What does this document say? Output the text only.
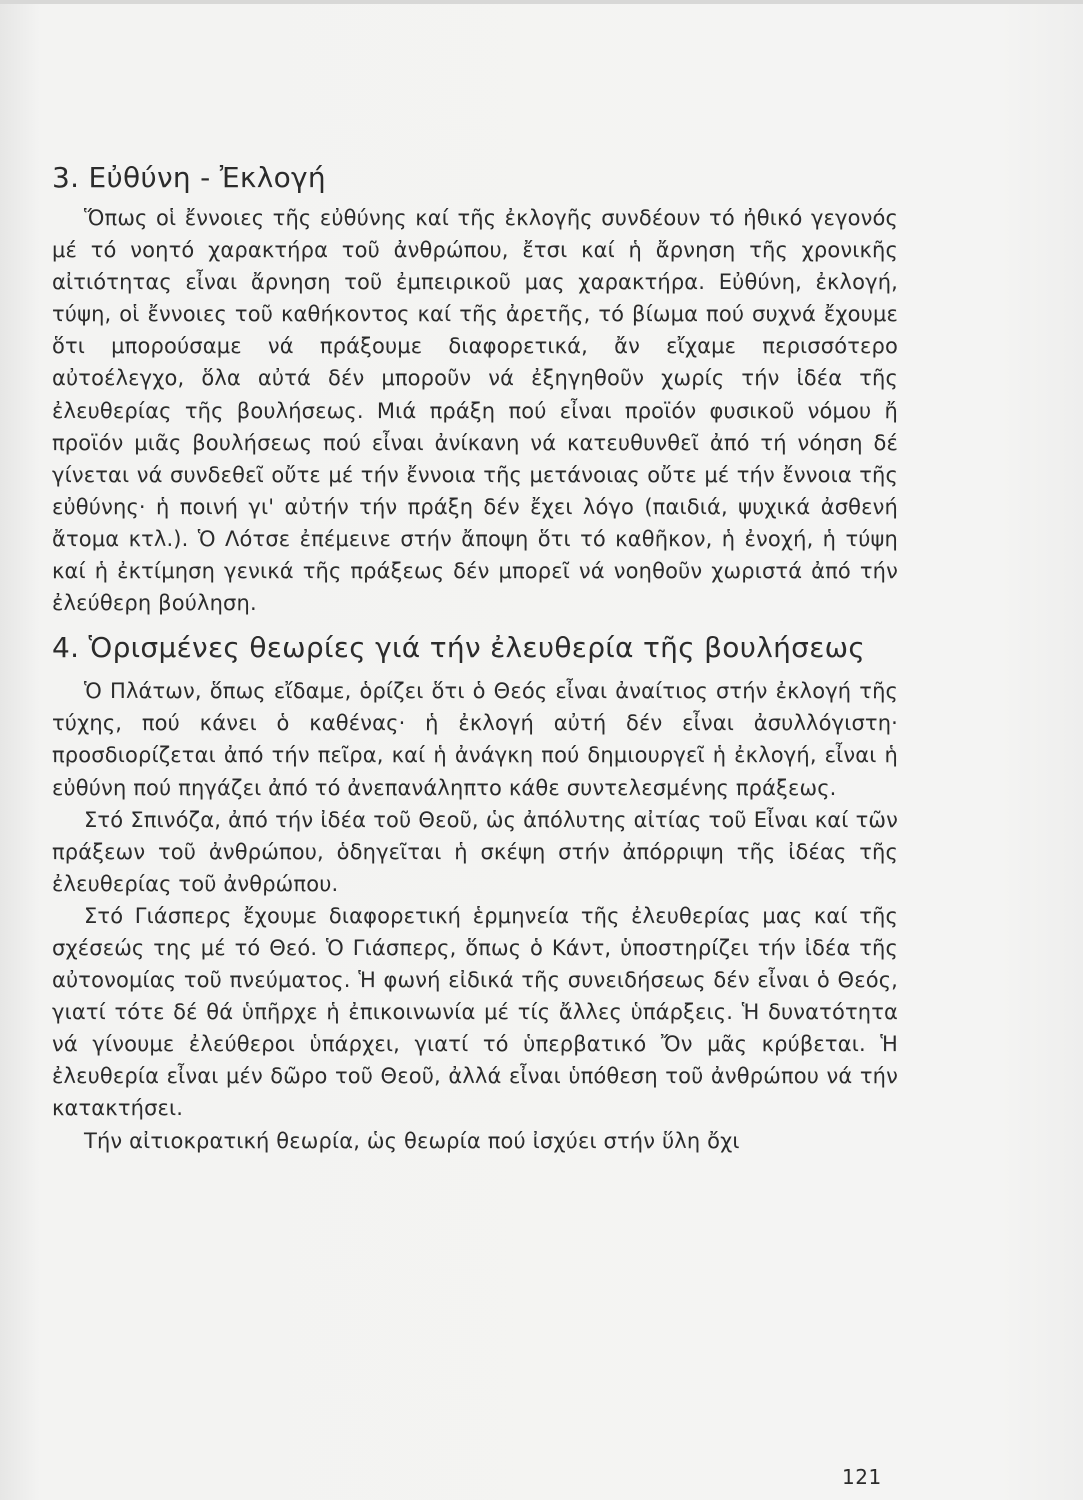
3. Εὐθύνη - Ἐκλογή

Ὅπως οἱ ἔννοιες τῆς εὐθύνης καί τῆς ἐκλογῆς συνδέουν τό ἠθικό γεγονός μέ τό νοητό χαρακτήρα τοῦ ἀνθρώπου, ἔτσι καί ἡ ἄρνηση τῆς χρονικῆς αἰτιότητας εἶναι ἄρνηση τοῦ ἐμπειρικοῦ μας χαρακτήρα. Εὐθύνη, ἐκλογή, τύψη, οἱ ἔννοιες τοῦ καθήκοντος καί τῆς ἀρετῆς, τό βίωμα πού συχνά ἔχουμε ὅτι μπορούσαμε νά πράξουμε διαφορετικά, ἄν εἴχαμε περισσότερο αὐτοέλεγχο, ὅλα αὐτά δέν μποροῦν νά ἐξηγηθοῦν χωρίς τήν ἰδέα τῆς ἐλευθερίας τῆς βουλήσεως. Μιά πράξη πού εἶναι προϊόν φυσικοῦ νόμου ἤ προϊόν μιᾶς βουλήσεως πού εἶναι ἀνίκανη νά κατευθυνθεῖ ἀπό τή νόηση δέ γίνεται νά συνδεθεῖ οὔτε μέ τήν ἔννοια τῆς μετάνοιας οὔτε μέ τήν ἔννοια τῆς εὐθύνης· ἡ ποινή γι' αὐτήν τήν πράξη δέν ἔχει λόγο (παιδιά, ψυχικά ἀσθενή ἄτομα κτλ.). Ὁ Λότσε ἐπέμεινε στήν ἄποψη ὅτι τό καθῆκον, ἡ ἐνοχή, ἡ τύψη καί ἡ ἐκτίμηση γενικά τῆς πράξεως δέν μπορεῖ νά νοηθοῦν χωριστά ἀπό τήν ἐλεύθερη βούληση.

4. Ὁρισμένες θεωρίες γιά τήν ἐλευθερία τῆς βουλήσεως

Ὁ Πλάτων, ὅπως εἴδαμε, ὁρίζει ὅτι ὁ Θεός εἶναι ἀναίτιος στήν ἐκλογή τῆς τύχης, πού κάνει ὁ καθένας· ἡ ἐκλογή αὐτή δέν εἶναι ἀσυλλόγιστη· προσδιορίζεται ἀπό τήν πεῖρα, καί ἡ ἀνάγκη πού δημιουργεῖ ἡ ἐκλογή, εἶναι ἡ εὐθύνη πού πηγάζει ἀπό τό ἀνεπανάληπτο κάθε συντελεσμένης πράξεως.

Στό Σπινόζα, ἀπό τήν ἰδέα τοῦ Θεοῦ, ὡς ἀπόλυτης αἰτίας τοῦ Εἶναι καί τῶν πράξεων τοῦ ἀνθρώπου, ὁδηγεῖται ἡ σκέψη στήν ἀπόρριψη τῆς ἰδέας τῆς ἐλευθερίας τοῦ ἀνθρώπου.

Στό Γιάσπερς ἔχουμε διαφορετική ἑρμηνεία τῆς ἐλευθερίας μας καί τῆς σχέσεώς της μέ τό Θεό. Ὁ Γιάσπερς, ὅπως ὁ Κάντ, ὑποστηρίζει τήν ἰδέα τῆς αὐτονομίας τοῦ πνεύματος. Ἡ φωνή εἰδικά τῆς συνειδήσεως δέν εἶναι ὁ Θεός, γιατί τότε δέ θά ὑπῆρχε ἡ ἐπικοινωνία μέ τίς ἄλλες ὑπάρξεις. Ἡ δυνατότητα νά γίνουμε ἐλεύθεροι ὑπάρχει, γιατί τό ὑπερβατικό Ὄν μᾶς κρύβεται. Ἡ ἐλευθερία εἶναι μέν δῶρο τοῦ Θεοῦ, ἀλλά εἶναι ὑπόθεση τοῦ ἀνθρώπου νά τήν κατακτήσει.

Τήν αἰτιοκρατική θεωρία, ὡς θεωρία πού ἰσχύει στήν ὕλη ὄχι

121
